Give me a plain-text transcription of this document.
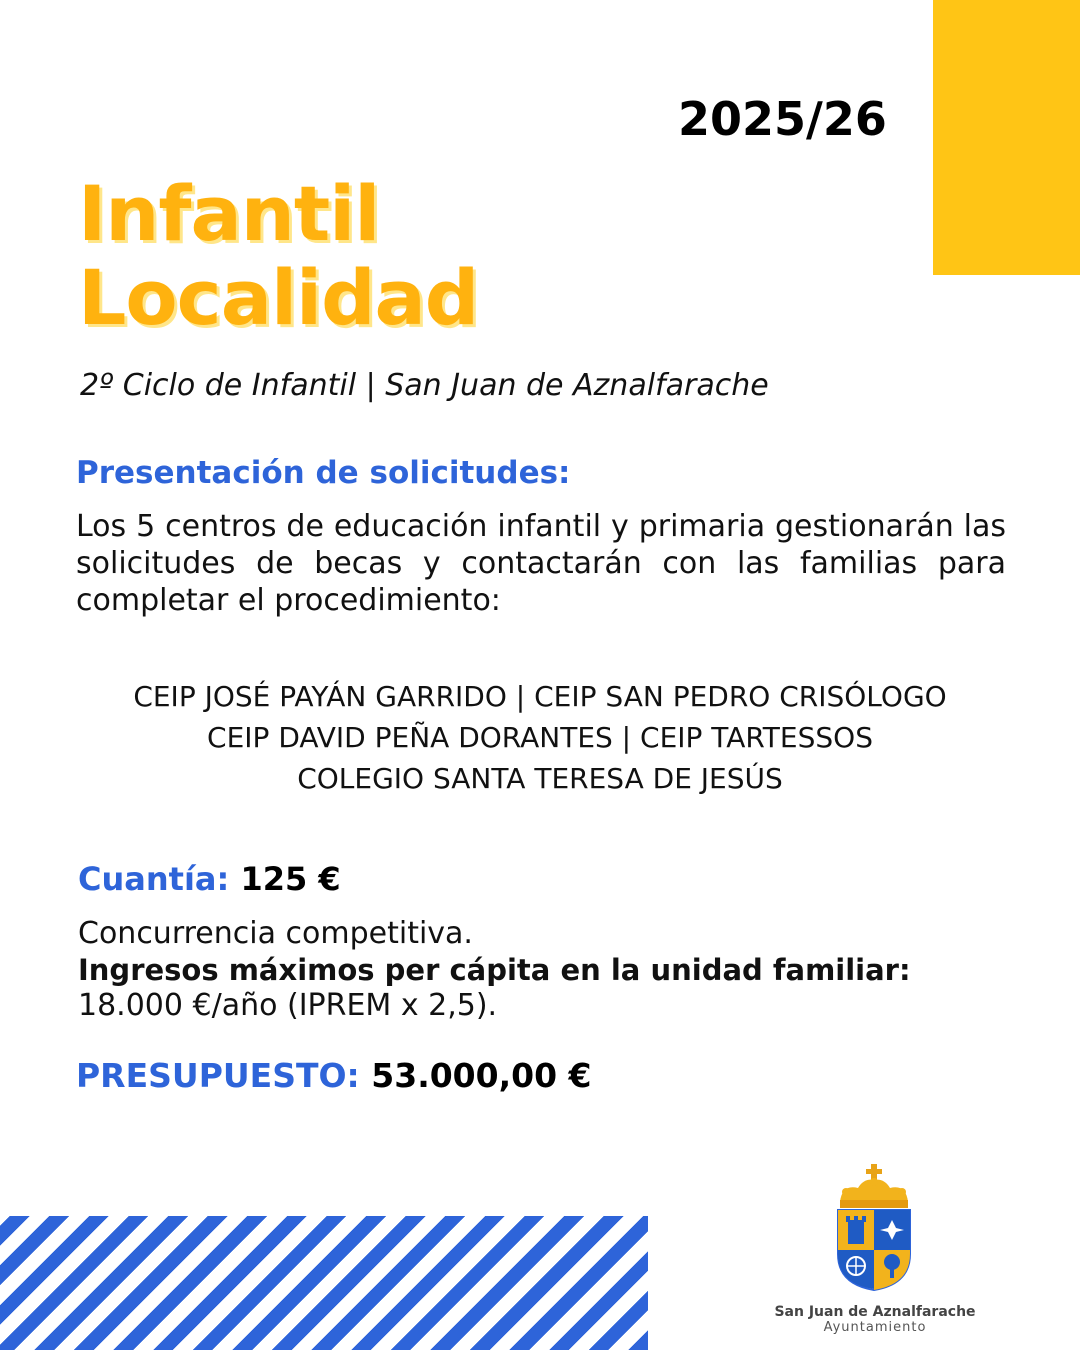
2025/26
Infantil
Localidad
2º Ciclo de Infantil | San Juan de Aznalfarache
Presentación de solicitudes:
Los 5 centros de educación infantil y primaria gestionarán las solicitudes de becas y contactarán con las familias para completar el procedimiento:
CEIP JOSÉ PAYÁN GARRIDO | CEIP SAN PEDRO CRISÓLOGO
CEIP DAVID PEÑA DORANTES | CEIP TARTESSOS
COLEGIO SANTA TERESA DE JESÚS
Cuantía: 125 €
Concurrencia competitiva.
Ingresos máximos per cápita en la unidad familiar:
18.000 €/año (IPREM x 2,5).
PRESUPUESTO: 53.000,00 €
San Juan de Aznalfarache
Ayuntamiento
